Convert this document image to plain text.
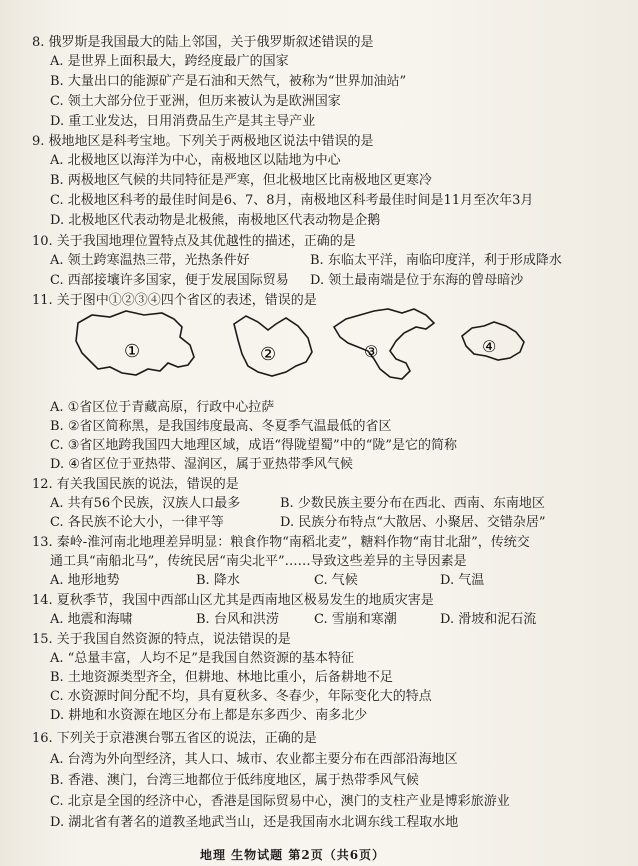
8. 俄罗斯是我国最大的陆上邻国，关于俄罗斯叙述错误的是
A. 是世界上面积最大，跨经度最广的国家
B. 大量出口的能源矿产是石油和天然气，被称为“世界加油站”
C. 领土大部分位于亚洲，但历来被认为是欧洲国家
D. 重工业发达，日用消费品生产是其主导产业
9. 极地地区是科考宝地。下列关于两极地区说法中错误的是
A. 北极地区以海洋为中心，南极地区以陆地为中心
B. 两极地区气候的共同特征是严寒，但北极地区比南极地区更寒冷
C. 北极地区科考的最佳时间是6、7、8月，南极地区科考最佳时间是11月至次年3月
D. 北极地区代表动物是北极熊，南极地区代表动物是企鹅
10. 关于我国地理位置特点及其优越性的描述，正确的是
A. 领土跨寒温热三带，光热条件好	B. 东临太平洋，南临印度洋，利于形成降水
C. 西部接壤许多国家，便于发展国际贸易 D. 领土最南端是位于东海的曾母暗沙
11. 关于图中①②③④四个省区的表述，错误的是
①	②	③	④
A. ①省区位于青藏高原，行政中心拉萨
B. ②省区简称黑，是我国纬度最高、冬夏季气温最低的省区
C. ③省区地跨我国四大地理区域，成语“得陇望蜀”中的“陇”是它的简称
D. ④省区位于亚热带、湿润区，属于亚热带季风气候
12. 有关我国民族的说法，错误的是
A. 共有56个民族，汉族人口最多	B. 少数民族主要分布在西北、西南、东南地区
C. 各民族不论大小，一律平等	D. 民族分布特点“大散居、小聚居、交错杂居”
13. 秦岭-淮河南北地理差异明显：粮食作物“南稻北麦”，糖料作物“南甘北甜”，传统交
通工具“南船北马”，传统民居“南尖北平”……导致这些差异的主导因素是
A. 地形地势	B. 降水	C. 气候	D. 气温
14. 夏秋季节，我国中西部山区尤其是西南地区极易发生的地质灾害是
A. 地震和海啸	B. 台风和洪涝	C. 雪崩和寒潮	D. 滑坡和泥石流
15. 关于我国自然资源的特点，说法错误的是
A. “总量丰富，人均不足”是我国自然资源的基本特征
B. 土地资源类型齐全，但耕地、林地比重小，后备耕地不足
C. 水资源时间分配不均，具有夏秋多、冬春少，年际变化大的特点
D. 耕地和水资源在地区分布上都是东多西少、南多北少
16. 下列关于京港澳台鄂五省区的说法，正确的是
A. 台湾为外向型经济，其人口、城市、农业都主要分布在西部沿海地区
B. 香港、澳门，台湾三地都位于低纬度地区，属于热带季风气候
C. 北京是全国的经济中心，香港是国际贸易中心，澳门的支柱产业是博彩旅游业
D. 湖北省有著名的道教圣地武当山，还是我国南水北调东线工程取水地
地理 生物试题 第2页（共6页）
